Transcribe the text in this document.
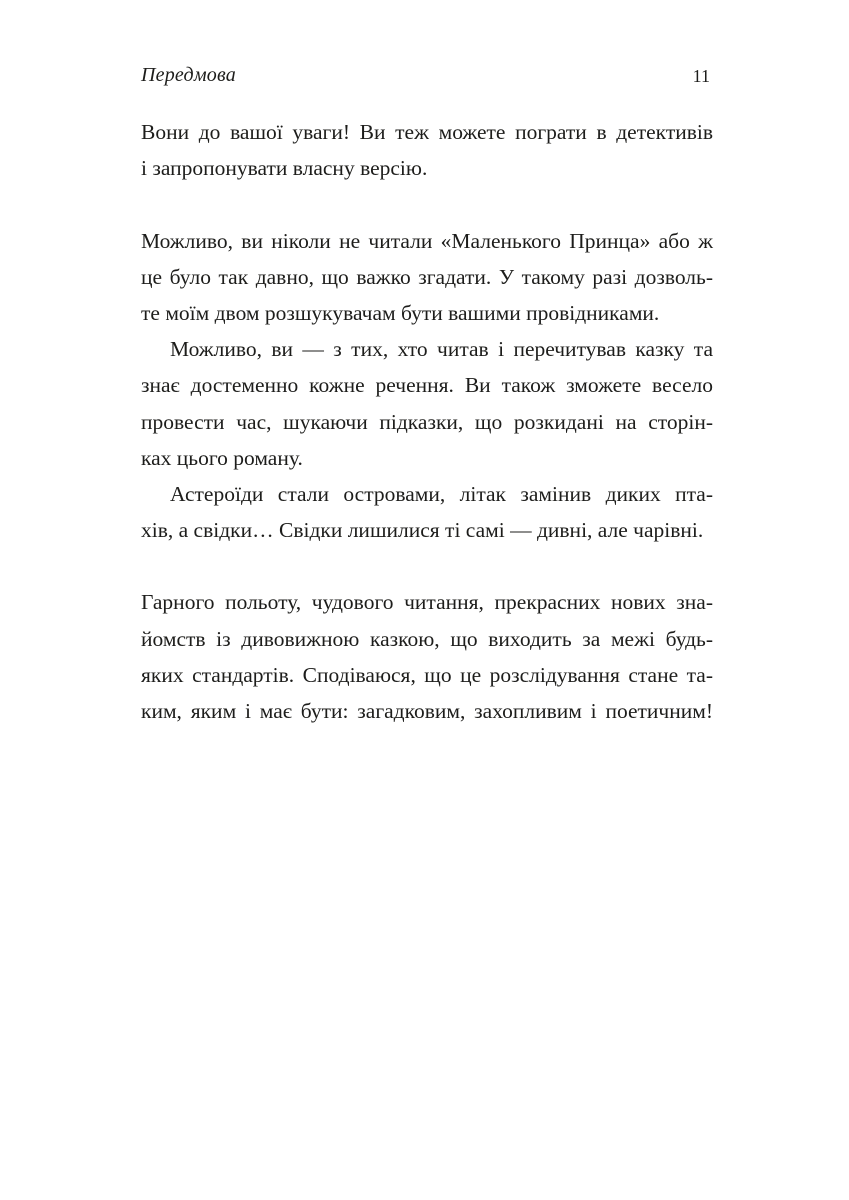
Передмова	11
Вони до вашої уваги! Ви теж можете пограти в детективів
і запропонувати власну версію.
Можливо, ви ніколи не читали «Маленького Принца» або ж
це було так давно, що важко згадати. У такому разі дозволь-
те моїм двом розшукувачам бути вашими провідниками.
Можливо, ви — з тих, хто читав і перечитував казку та
знає достеменно кожне речення. Ви також зможете весело
провести час, шукаючи підказки, що розкидані на сторін-
ках цього роману.
Астероїди стали островами, літак замінив диких пта-
хів, а свідки… Свідки лишилися ті самі — дивні, але чарівні.
Гарного польоту, чудового читання, прекрасних нових зна-
йомств із дивовижною казкою, що виходить за межі будь-
яких стандартів. Сподіваюся, що це розслідування стане та-
ким, яким і має бути: загадковим, захопливим і поетичним!
